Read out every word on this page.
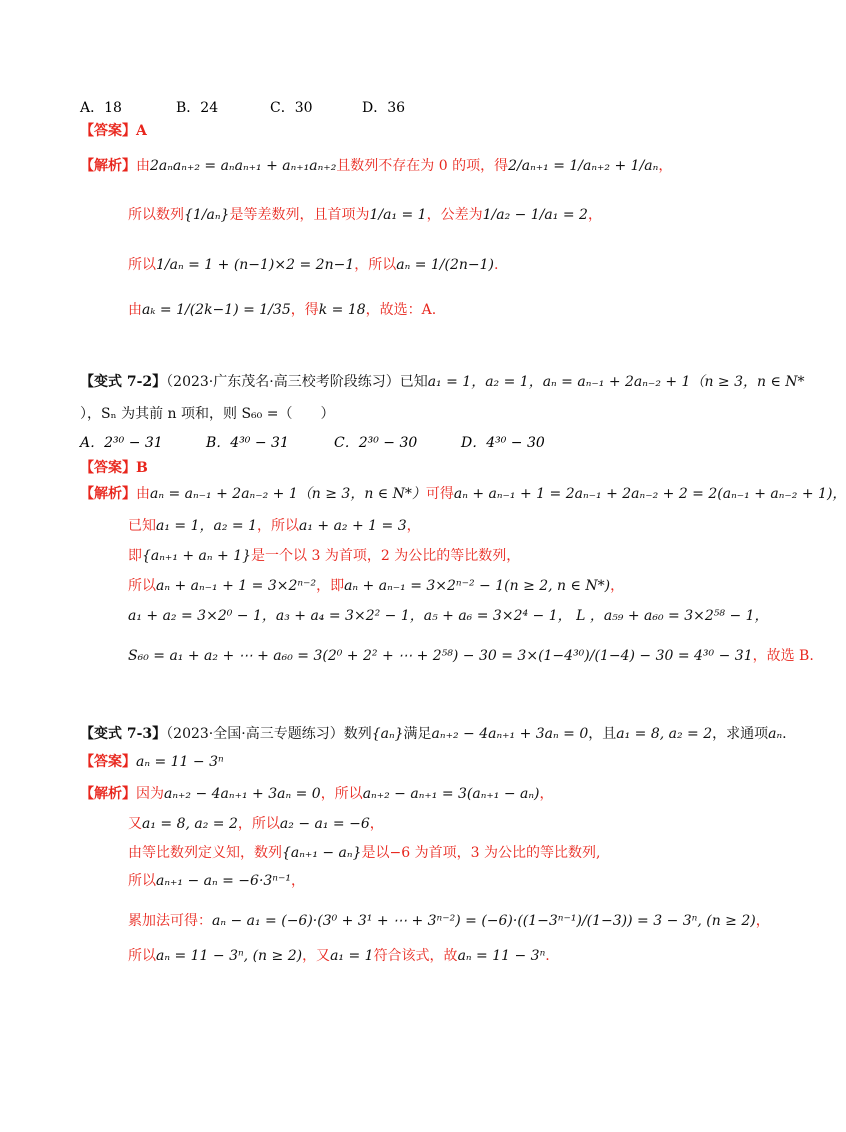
A．18	B．24	C．30	D．36
【答案】A
【解析】由2aₙaₙ₊₂ = aₙaₙ₊₁ + aₙ₊₁aₙ₊₂且数列不存在为 0 的项，得2/aₙ₊₁ = 1/aₙ₊₂ + 1/aₙ，
所以数列{1/aₙ}是等差数列，且首项为1/a₁ = 1，公差为1/a₂ − 1/a₁ = 2，
所以1/aₙ = 1 + (n−1)×2 = 2n−1，所以aₙ = 1/(2n−1).
由aₖ = 1/(2k−1) = 1/35，得k = 18，故选：A.
【变式 7-2】（2023·广东茂名·高三校考阶段练习）已知a₁ = 1，a₂ = 1，aₙ = aₙ₋₁ + 2aₙ₋₂ + 1（n ≥ 3，n ∈ N*
），Sₙ 为其前 n 项和，则 S₆₀ =（　　）
A．2³⁰ − 31	B．4³⁰ − 31	C．2³⁰ − 30	D．4³⁰ − 30
【答案】B
【解析】由aₙ = aₙ₋₁ + 2aₙ₋₂ + 1（n ≥ 3，n ∈ N*）可得aₙ + aₙ₋₁ + 1 = 2aₙ₋₁ + 2aₙ₋₂ + 2 = 2(aₙ₋₁ + aₙ₋₂ + 1)，
已知a₁ = 1，a₂ = 1，所以a₁ + a₂ + 1 = 3，
即{aₙ₊₁ + aₙ + 1}是一个以 3 为首项，2 为公比的等比数列，
所以aₙ + aₙ₋₁ + 1 = 3×2ⁿ⁻²，即aₙ + aₙ₋₁ = 3×2ⁿ⁻² − 1(n ≥ 2, n ∈ N*)，
a₁ + a₂ = 3×2⁰ − 1，a₃ + a₄ = 3×2² − 1，a₅ + a₆ = 3×2⁴ − 1， L ，a₅₉ + a₆₀ = 3×2⁵⁸ − 1，
S₆₀ = a₁ + a₂ + ⋯ + a₆₀ = 3(2⁰ + 2² + ⋯ + 2⁵⁸) − 30 = 3×(1−4³⁰)/(1−4) − 30 = 4³⁰ − 31，故选 B.
【变式 7-3】（2023·全国·高三专题练习）数列{aₙ}满足aₙ₊₂ − 4aₙ₊₁ + 3aₙ = 0，且a₁ = 8, a₂ = 2，求通项aₙ.
【答案】aₙ = 11 − 3ⁿ
【解析】因为aₙ₊₂ − 4aₙ₊₁ + 3aₙ = 0，所以aₙ₊₂ − aₙ₊₁ = 3(aₙ₊₁ − aₙ)，
又a₁ = 8, a₂ = 2，所以a₂ − a₁ = −6，
由等比数列定义知，数列{aₙ₊₁ − aₙ}是以−6 为首项，3 为公比的等比数列,
所以aₙ₊₁ − aₙ = −6·3ⁿ⁻¹，
累加法可得：aₙ − a₁ = (−6)·(3⁰ + 3¹ + ⋯ + 3ⁿ⁻²) = (−6)·((1−3ⁿ⁻¹)/(1−3)) = 3 − 3ⁿ, (n ≥ 2)，
所以aₙ = 11 − 3ⁿ, (n ≥ 2)，又a₁ = 1符合该式，故aₙ = 11 − 3ⁿ.
